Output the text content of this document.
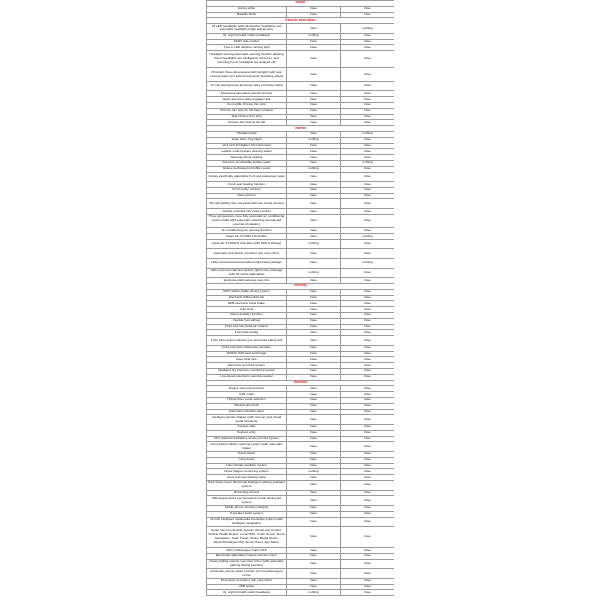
colour		
Aurora white	have	have
Basaltic black	have	have
Exterior decoration		
All LED headlights (with all-weather headlights and automatic headlight height adjustment)	have	nothing
IQ. Light full LED matrix headlamp	nothing	have
PARV side marker	have	have
Type-C LED daytime running light	have	have
Headlight sensing automatic opening function (leaving home headlights are intelligently turned on, and returning home headlights are delayed off)	have	have
Prismatic three-dimensional LED tail light (with rear running water turn light and dynamic breathing effect)	have	have
17 inch aerodynamic aluminum alloy exclusive wheel	have	have
Panorama panoramic electric sunroof	have	have
Silver aluminum alloy luggage rack	have	have
Front grille chrome trim strip	have	have
Chrome trim strip for full frame window	have	have
Side chrome trim strip	have	have
Chrome trim strip at the tail	have	have
interior		
Obsidian black	have	nothing
Inkjet silver frog black	nothing	have
10.3 inch full digital LCD instrument	have	have
Leather multi-function steering wheel	have	have
Steering wheel heating	have	have
Premium comfortable leather seats	have	nothing
Deluxe perforated microfiber seats	nothing	have
12-way electrically adjustable front and passenger seats	have	have
Front seat heating function	have	have
Front center armrest	have	have
Rear armrest	have	have
4/6 split folding rear row seats with rear center armrest	have	have
Vehicle mounted 12V power socket	have	have
Three temperature zone fully automatic air conditioning system (with AQS automatic switching internal and external circulation)	have	have
Air conditioning pre opening function	have	have
Clean Air 2.0 PM2.5 dust filter	have	nothing
Clean Air 3.0 PM2.5 dust filter (with PM2.5 display)	nothing	have
Automatic anti dazzle of interior rear view mirror	have	have
LED environmental atmosphere light basic package	have	nothing
LED environmental atmosphere light luxury package (with 30 colors adjustable)	nothing	have
Exclusive LED welcome step trim	have	have
security		
ESP vehicle stable driving system	have	have
Electronic differential lock	have	have
EPB electronic hand brake	have	have
Auto Hold	have	have
Ramp auxiliary function	have	have
Double front airbag	have	have
Front and rear head air curtains	have	have
Front side airbag	have	have
Front three-point explosive pre-tensioned safety belt	have	have
Front seat belt unfastened reminder	have	have
ISOFIX child seat anchorage	have	have
Rear child lock	have	have
Electronic anti theft system	have	have
Intelligent tire pressure monitoring system	have	have
Low-speed electronic sound generator	have	have
function		
Engine start-stop function	have	have
GTE mode	have	have
Hybrid drive mode selection	have	have
Window anti pinch	have	have
Automatic induction wiper	have	have
Intelligent electric tailgate (with memory and virtual pedal functions)	have	have
Keyless start	have	have
Keyless entry	have	have
ACC Advanced Adaptive Cruise Control System	have	have
Front Assist collision warning system (with automatic brake)	have	have
Travel Assist	have	have
Lane Assist	have	have
Lane change auxiliary system	have	have
Driver fatigue monitoring system	nothing	have
Front and rear parking radar	have	have
Park Assist Gen2 directional intelligent parking assistant system	have	have
Reversing camera	have	have
360 degree bird's eye panoramic visual driving aid system	have	have
Mobile phone wireless charging	have	have
8 speaker audio system	have	have
12 inch intelligent multimedia interactive system (with intelligent navigation)	have	have
Smart Car Connectivity System (Smart Car Control, Vehicle Health Report, In-car WIFI, Smart Scoop, Smart Navigation, Team Travel, Online Media (Kuwo Music/Himalayan FM), Smart Home, App Store)	have	have
SAIC Volkswagen Super APP	have	have
Electrically adjustable heated rearview mirror	have	have
Power folding exterior rear view mirror (with automatic parking folding function)	have	have
Automatic reverse down function of front passenger's mirror	have	have
Floor lamp of exterior rear view mirror	have	have
USB power	have	have
IQ. Light full LED matrix headlamp	nothing	have
